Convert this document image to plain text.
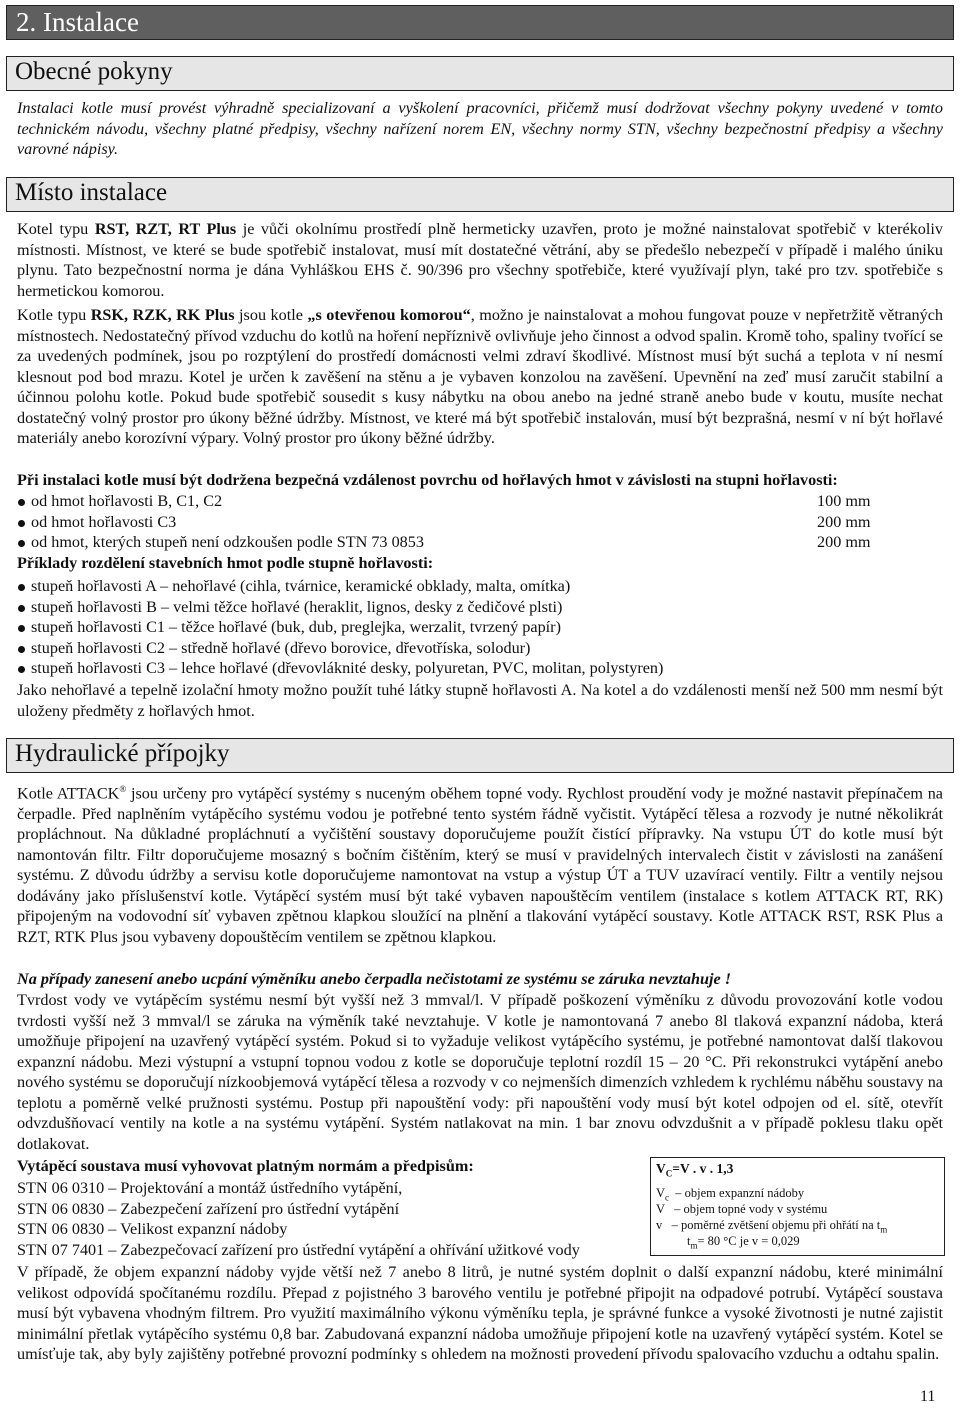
2. Instalace
Obecné pokyny

Instalaci kotle musí provést výhradně specializovaní a vyškolení pracovníci, přičemž musí dodržovat všechny pokyny uvedené v tomto technickém návodu, všechny platné předpisy, všechny nařízení norem EN, všechny normy STN, všechny bezpečnostní předpisy a všechny varovné nápisy.

Místo instalace

Kotel typu RST, RZT, RT Plus je vůči okolnímu prostředí plně hermeticky uzavřen, proto je možné nainstalovat spotřebič v kterékoliv místnosti. Místnost, ve které se bude spotřebič instalovat, musí mít dostatečné větrání, aby se předešlo nebezpečí v případě i malého úniku plynu. Tato bezpečnostní norma je dána Vyhláškou EHS č. 90/396 pro všechny spotřebiče, které využívají plyn, také pro tzv. spotřebiče s hermetickou komorou.

Kotle typu RSK, RZK, RK Plus jsou kotle „s otevřenou komorou“, možno je nainstalovat a mohou fungovat pouze v nepřetržitě větraných místnostech. Nedostatečný přívod vzduchu do kotlů na hoření nepříznivě ovlivňuje jeho činnost a odvod spalin. Kromě toho, spaliny tvořící se za uvedených podmínek, jsou po rozptýlení do prostředí domácnosti velmi zdraví škodlivé. Místnost musí být suchá a teplota v ní nesmí klesnout pod bod mrazu. Kotel je určen k zavěšení na stěnu a je vybaven konzolou na zavěšení. Upevnění na zeď musí zaručit stabilní a účinnou polohu kotle. Pokud bude spotřebič sousedit s kusy nábytku na obou anebo na jedné straně anebo bude v koutu, musíte nechat dostatečný volný prostor pro úkony běžné údržby. Místnost, ve které má být spotřebič instalován, musí být bezprašná, nesmí v ní být hořlavé materiály anebo korozívní výpary. Volný prostor pro úkony běžné údržby.

Při instalaci kotle musí být dodržena bezpečná vzdálenost povrchu od hořlavých hmot v závislosti na stupni hořlavosti:

od hmot hořlavosti B, C1, C2	100 mm
od hmot hořlavosti C3	200 mm
od hmot, kterých stupeň není odzkoušen podle STN 73 0853	200 mm

Příklady rozdělení stavebních hmot podle stupně hořlavosti:

stupeň hořlavosti A – nehořlavé (cihla, tvárnice, keramické obklady, malta, omítka)
stupeň hořlavosti B – velmi těžce hořlavé (heraklit, lignos, desky z čedičové plsti)
stupeň hořlavosti C1 – těžce hořlavé (buk, dub, preglejka, werzalit, tvrzený papír)
stupeň hořlavosti C2 – středně hořlavé (dřevo borovice, dřevotříska, solodur)
stupeň hořlavosti C3 – lehce hořlavé (dřevovláknité desky, polyuretan, PVC, molitan, polystyren)

Jako nehořlavé a tepelně izolační hmoty možno použít tuhé látky stupně hořlavosti A. Na kotel a do vzdálenosti menší než 500 mm nesmí být uloženy předměty z hořlavých hmot.

Hydraulické přípojky

Kotle ATTACK® jsou určeny pro vytápěcí systémy s nuceným oběhem topné vody. Rychlost proudění vody je možné nastavit přepínačem na čerpadle. Před naplněním vytápěcího systému vodou je potřebné tento systém řádně vyčistit. Vytápěcí tělesa a rozvody je nutné několikrát propláchnout. Na důkladné propláchnutí a vyčištění soustavy doporučujeme použít čistící přípravky. Na vstupu ÚT do kotle musí být namontován filtr. Filtr doporučujeme mosazný s bočním čištěním, který se musí v pravidelných intervalech čistit v závislosti na zanášení systému. Z důvodu údržby a servisu kotle doporučujeme namontovat na vstup a výstup ÚT a TUV uzavírací ventily. Filtr a ventily nejsou dodávány jako příslušenství kotle. Vytápěcí systém musí být také vybaven napouštěcím ventilem (instalace s kotlem ATTACK RT, RK) připojeným na vodovodní síť vybaven zpětnou klapkou sloužící na plnění a tlakování vytápěcí soustavy. Kotle ATTACK RST, RSK Plus a RZT, RTK Plus jsou vybaveny dopouštěcím ventilem se zpětnou klapkou.

Na případy zanesení anebo ucpání výměníku anebo čerpadla nečistotami ze systému se záruka nevztahuje !

Tvrdost vody ve vytápěcím systému nesmí být vyšší než 3 mmval/l. V případě poškození výměníku z důvodu provozování kotle vodou tvrdosti vyšší než 3 mmval/l se záruka na výměník také nevztahuje. V kotle je namontovaná 7 anebo 8l tlaková expanzní nádoba, která umožňuje připojení na uzavřený vytápěcí systém. Pokud si to vyžaduje velikost vytápěcího systému, je potřebné namontovat další tlakovou expanzní nádobu. Mezi výstupní a vstupní topnou vodou z kotle se doporučuje teplotní rozdíl 15 – 20 °C. Při rekonstrukci vytápění anebo nového systému se doporučují nízkoobjemová vytápěcí tělesa a rozvody v co nejmenších dimenzích vzhledem k rychlému náběhu soustavy na teplotu a poměrně velké pružnosti systému. Postup při napouštění vody: při napouštění vody musí být kotel odpojen od el. sítě, otevřít odvzdušňovací ventily na kotle a na systému vytápění. Systém natlakovat na min. 1 bar znovu odvzdušnit a v případě poklesu tlaku opět dotlakovat.

Vytápěcí soustava musí vyhovovat platným normám a předpisům:

STN 06 0310 – Projektování a montáž ústředního vytápění,
STN 06 0830 – Zabezpečení zařízení pro ústřední vytápění
STN 06 0830 – Velikost expanzní nádoby
STN 07 7401 – Zabezpečovací zařízení pro ústřední vytápění a ohřívání užitkové vody
$V_C=V$ . v . 1,3
$V_c$  – objem expanzní nádoby
V   – objem topné vody v systému
v   – poměrné zvětšení objemu při ohřátí na $t_m$
$t_m= 80$ °C je v = 0,029

V případě, že objem expanzní nádoby vyjde větší než 7 anebo 8 litrů, je nutné systém doplnit o další expanzní nádobu, které minimální velikost odpovídá spočítanému rozdílu. Přepad z pojistného 3 barového ventilu je potřebné připojit na odpadové potrubí. Vytápěcí soustava musí být vybavena vhodným filtrem. Pro využití maximálního výkonu výměníku tepla, je správné funkce a vysoké životnosti je nutné zajistit minimální přetlak vytápěcího systému 0,8 bar. Zabudovaná expanzní nádoba umožňuje připojení kotle na uzavřený vytápěcí systém. Kotel se umísťuje tak, aby byly zajištěny potřebné provozní podmínky s ohledem na možnosti provedení přívodu spalovacího vzduchu a odtahu spalin.

11
